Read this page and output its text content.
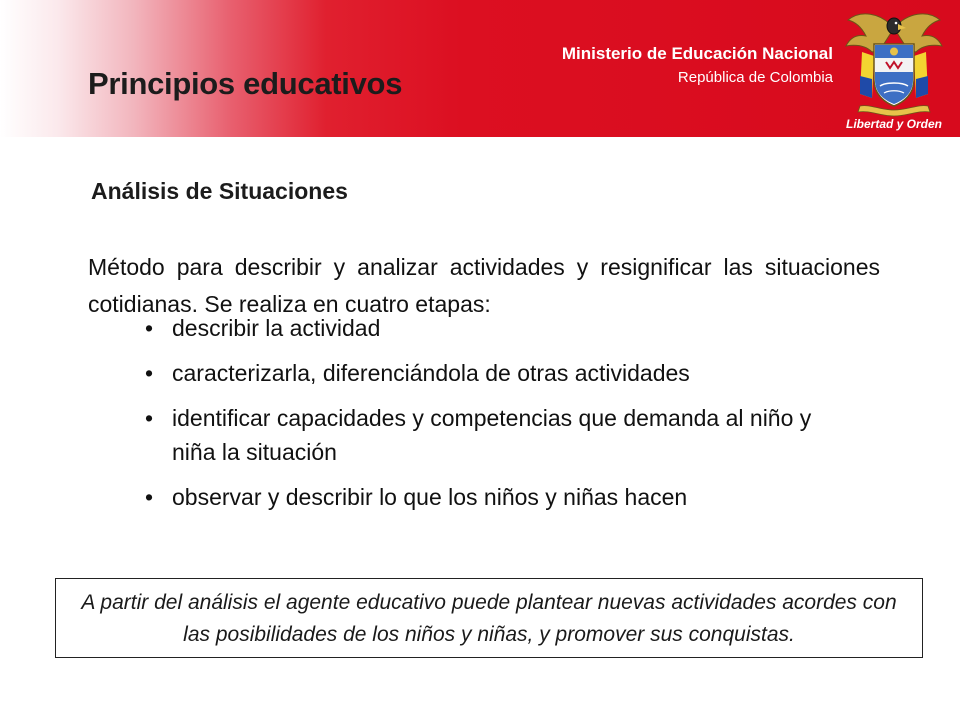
Principios educativos
Ministerio de Educación Nacional
República de Colombia
Libertad y Orden
Análisis de Situaciones

Método para describir y analizar actividades y resignificar las situaciones cotidianas. Se realiza en cuatro etapas:

• describir la actividad
• caracterizarla, diferenciándola de otras actividades
• identificar capacidades y competencias que demanda al niño y niña la situación
• observar y describir lo que los niños y niñas hacen

A partir del análisis el agente educativo puede plantear nuevas actividades acordes con las posibilidades de los niños y niñas, y promover sus conquistas.
